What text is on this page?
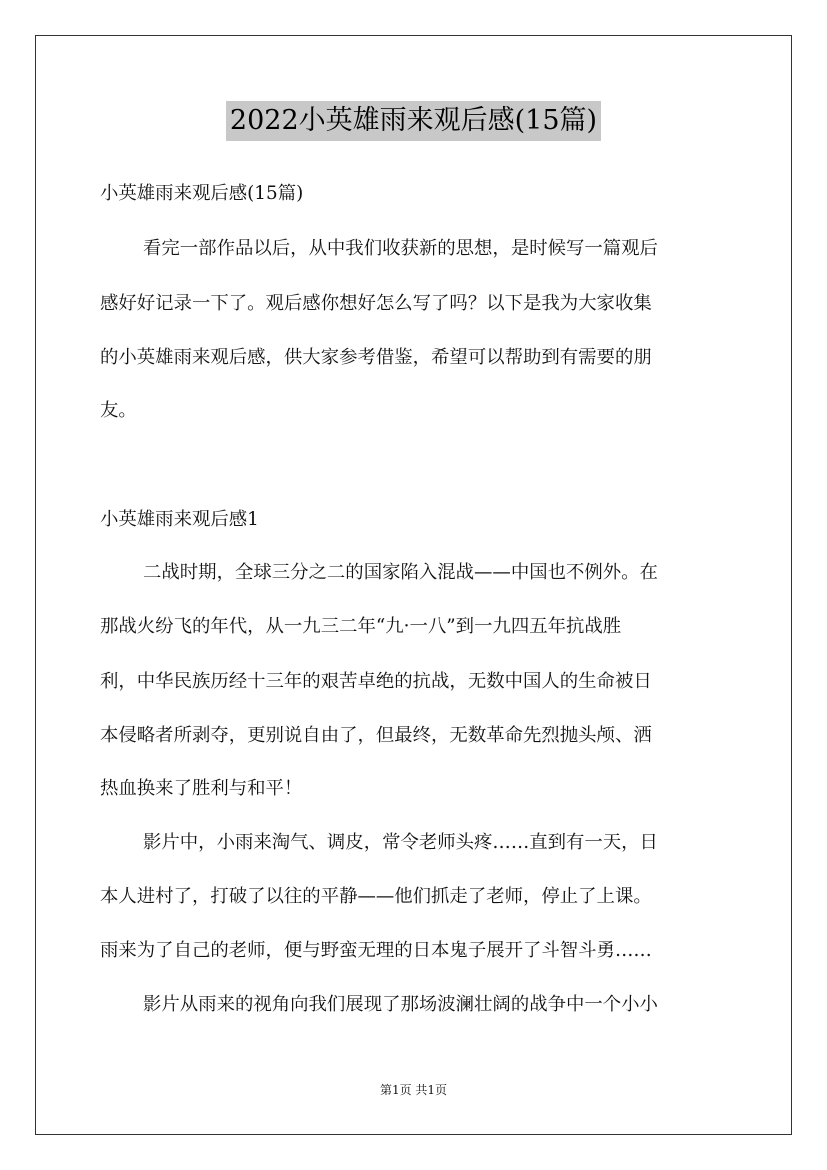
2022小英雄雨来观后感(15篇)
小英雄雨来观后感(15篇)
看完一部作品以后，从中我们收获新的思想，是时候写一篇观后
感好好记录一下了。观后感你想好怎么写了吗？以下是我为大家收集
的小英雄雨来观后感，供大家参考借鉴，希望可以帮助到有需要的朋
友。
小英雄雨来观后感1
二战时期，全球三分之二的国家陷入混战——中国也不例外。在
那战火纷飞的年代，从一九三二年“九·一八”到一九四五年抗战胜
利，中华民族历经十三年的艰苦卓绝的抗战，无数中国人的生命被日
本侵略者所剥夺，更别说自由了，但最终，无数革命先烈抛头颅、洒
热血换来了胜利与和平！
影片中，小雨来淘气、调皮，常令老师头疼……直到有一天，日
本人进村了，打破了以往的平静——他们抓走了老师，停止了上课。
雨来为了自己的老师，便与野蛮无理的日本鬼子展开了斗智斗勇……
影片从雨来的视角向我们展现了那场波澜壮阔的战争中一个小小
第1页 共1页
